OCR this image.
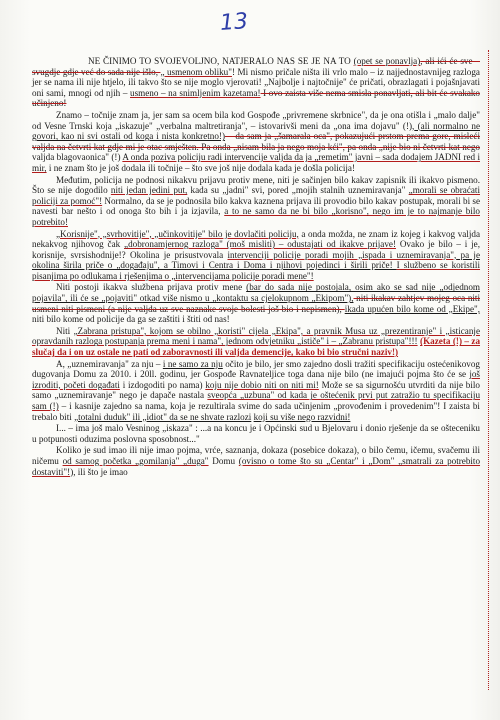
13

NE ČINIMO TO SVOJEVOLJNO, NATJERALO NAS SE JE NA TO (opet se ponavlja), ali ići će sve – svugdje gdje već do sada nije išlo, „ usmenom obliku"! Mi nismo pričale ništa ili vrlo malo – iz najjednostavnijeg razloga jer se nama ili nije htjelo, ili takvo što se nije moglo vjerovati! „Najbolje i najtočnije" će pričati, obrazlagati i pojašnjavati oni sami, mnogi od njih – usmeno – na snimljenim kazetama! I ovo zaista više nema smisla ponavljati, ali bit će svakako učinjeno!

Znamo – točnije znam ja, jer sam sa ocem bila kod Gospođe „privremene skrbnice", da je ona otišla i „malo dalje" od Vesne Trnski koja „iskazuje" „verbalna maltretiranja", – istovarivši meni da „ona ima dojavu" (!), (ali normalno ne govori, kao ni svi ostali od koga i nista konkretno!) – da sam ja „šamarala oca", pokazujući prstom prema gore, misleći valjda na četvrti kat gdje mi je otac smješten. Pa onda „nisam bila ja nego moja kći", pa onda „nije bio ni četvrti kat nego valjda blagovaonica" (!) A onda poziva policiju radi intervencije valjda da ja „remetim" javni – sada dodajem JADNI red i mir, i ne znam što je još dodala ili točnije – što sve još nije dodala kada je došla policija!

Međutim, policija ne podnosi nikakvu prijavu protiv mene, niti je sačinjen bilo kakav zapisnik ili ikakvo pismeno. Što se nije dogodilo niti jedan jedini put, kada su „jadni" svi, pored „mojih stalnih uznemiravanja" „morali se obraćati policiji za pomoć"! Normalno, da se je podnosila bilo kakva kaznena prijava ili provodio bilo kakav postupak, morali bi se navesti bar nešto i od onoga što bih i ja izjavila, a to ne samo da ne bi bilo „korisno", nego im je to najmanje bilo potrebito!

„Korisnije", „svrhovitije", „učinkovitije" bilo je dovlačiti policiju, a onda možda, ne znam iz kojeg i kakvog valjda nekakvog njihovog čak „dobronamjernog razloga" (moš misliti) – odustajati od ikakve prijave! Ovako je bilo – i je, korisnije, svrsishodnije!? Okolina je prisustvovala intervenciji policije poradi mojih „ispada i uznemiravanja", pa je okolina širila priče o „događaju", a Timovi i Centra i Doma i njihovi pojedinci i širili priče! I službeno se koristili pisanjima po odlukama i rješenjima o „intervencijama policije poradi mene"!

Niti postoji ikakva službena prijava protiv mene (bar do sada nije postojala, osim ako se sad nije „odjednom pojavila", ili će se „pojaviti" otkad više nismo u „kontaktu sa cjelokupnom „Ekipom"), niti ikakav zahtjev mojeg oca niti usmeni niti pismeni (a nije valjda uz sve naznake svoje bolesti još bio i nepismen), ikada upućen bilo kome od „Ekipe", niti bilo kome od policije da ga se zaštiti i štiti od nas!

Niti „Zabrana pristupa", kojom se obilno „koristi" cijela „Ekipa", a pravnik Musa uz „prezentiranje" i „isticanje opravdanih razloga postupanja prema meni i nama", jednom odvjetniku „ističe" i – „Zabranu pristupa"!!! (Kazeta (!) – za slučaj da i on uz ostale ne pati od zaboravnosti ili valjda demencije, kako bi bio stručni naziv!)

A, „uznemiravanja" za nju – i ne samo za nju očito je bilo, jer smo zajedno dosli tražiti specifikaciju ostećenikovog dugovanja Domu za 2010. i 20ll. godinu, jer Gospođe Ravnateljice toga dana nije bilo (ne imajući pojma što će se još izroditi, početi događati i izdogoditi po nama) koju nije dobio niti on niti mi! Može se sa sigurnošću utvrditi da nije bilo samo „uznemiravanje" nego je dapače nastala sveopća „uzbuna" od kada je oštećenik prvi put zatražio tu specifikaciju sam (!) – i kasnije zajedno sa nama, koja je rezultirala svime do sada učinjenim „provođenim i provedenim"! I zaista bi trebalo biti „totalni duduk" ili „idiot" da se ne shvate razlozi koji su više nego razvidni!

I... – ima još malo Vesninog „iskaza" : ...a na koncu je i Općinski sud u Bjelovaru i donio rješenje da se ošteceniku u potpunosti oduzima poslovna sposobnost..."

Koliko je sud imao ili nije imao pojma, vrće, saznanja, dokaza (posebice dokaza), o bilo čemu, ičemu, svačemu ili ničemu od samog početka „gomilanja" „duga" Domu (ovisno o tome što su „Centar" i „Dom" „smatrali za potrebito dostaviti"!), ili što je imao
